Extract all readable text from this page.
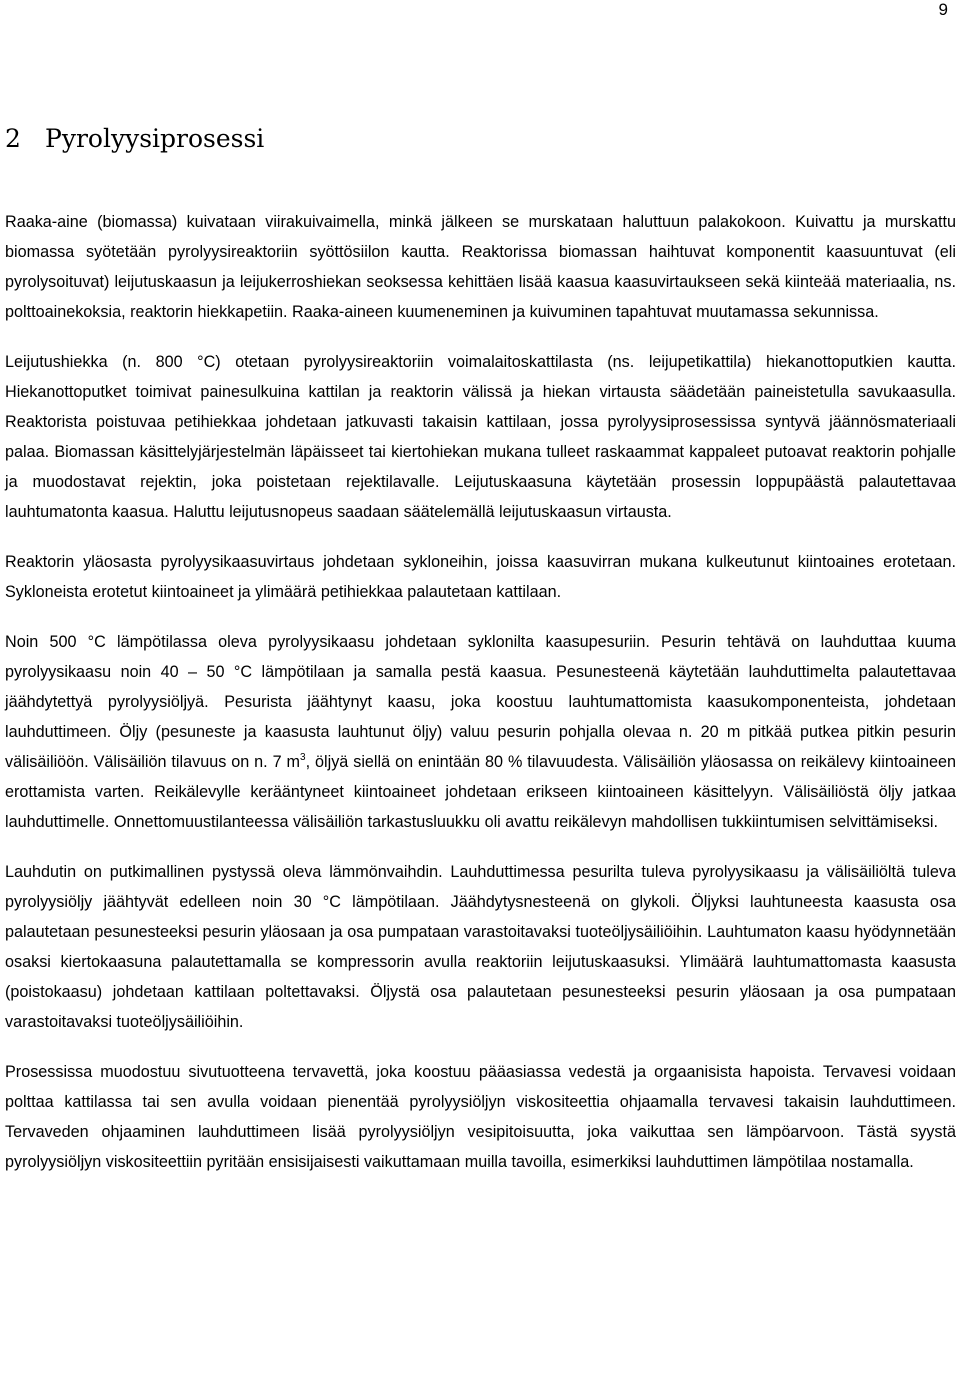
9
2 Pyrolyysiprosessi

Raaka-aine (biomassa) kuivataan viirakuivaimella, minkä jälkeen se murskataan haluttuun palakokoon. Kuivattu ja murskattu biomassa syötetään pyrolyysireaktoriin syöttösiilon kautta. Reaktorissa biomassan haihtuvat komponentit kaasuuntuvat (eli pyrolysoituvat) leijutuskaasun ja leijukerroshiekan seoksessa kehittäen lisää kaasua kaasuvirtaukseen sekä kiinteää materiaalia, ns. polttoainekoksia, reaktorin hiekkapetiin. Raaka-aineen kuumeneminen ja kuivuminen tapahtuvat muutamassa sekunnissa.

Leijutushiekka (n. 800 °C) otetaan pyrolyysireaktoriin voimalaitoskattilasta (ns. leijupetikattila) hiekanottoputkien kautta. Hiekanottoputket toimivat painesulkuina kattilan ja reaktorin välissä ja hiekan virtausta säädetään paineistetulla savukaasulla. Reaktorista poistuvaa petihiekkaa johdetaan jatkuvasti takaisin kattilaan, jossa pyrolyysiprosessissa syntyvä jäännösmateriaali palaa. Biomassan käsittelyjärjestelmän läpäisseet tai kiertohiekan mukana tulleet raskaammat kappaleet putoavat reaktorin pohjalle ja muodostavat rejektin, joka poistetaan rejektilavalle. Leijutuskaasuna käytetään prosessin loppupäästä palautettavaa lauhtumatonta kaasua. Haluttu leijutusnopeus saadaan säätelemällä leijutuskaasun virtausta.

Reaktorin yläosasta pyrolyysikaasuvirtaus johdetaan sykloneihin, joissa kaasuvirran mukana kulkeutunut kiintoaines erotetaan. Sykloneista erotetut kiintoaineet ja ylimäärä petihiekkaa palautetaan kattilaan.

Noin 500 °C lämpötilassa oleva pyrolyysikaasu johdetaan syklonilta kaasupesuriin. Pesurin tehtävä on lauhduttaa kuuma pyrolyysikaasu noin 40 – 50 °C lämpötilaan ja samalla pestä kaasua. Pesunesteenä käytetään lauhduttimelta palautettavaa jäähdytettyä pyrolyysiöljyä. Pesurista jäähtynyt kaasu, joka koostuu lauhtumattomista kaasukomponenteista, johdetaan lauhduttimeen. Öljy (pesuneste ja kaasusta lauhtunut öljy) valuu pesurin pohjalla olevaa n. 20 m pitkää putkea pitkin pesurin välisäiliöön. Välisäiliön tilavuus on n. 7 $m^3$, öljyä siellä on enintään 80 % tilavuudesta. Välisäiliön yläosassa on reikälevy kiintoaineen erottamista varten. Reikälevylle kerääntyneet kiintoaineet johdetaan erikseen kiintoaineen käsittelyyn. Välisäiliöstä öljy jatkaa lauhduttimelle. Onnettomuustilanteessa välisäiliön tarkastusluukku oli avattu reikälevyn mahdollisen tukkiintumisen selvittämiseksi.

Lauhdutin on putkimallinen pystyssä oleva lämmönvaihdin. Lauhduttimessa pesurilta tuleva pyrolyysikaasu ja välisäiliöltä tuleva pyrolyysiöljy jäähtyvät edelleen noin 30 °C lämpötilaan. Jäähdytysnesteenä on glykoli. Öljyksi lauhtuneesta kaasusta osa palautetaan pesunesteeksi pesurin yläosaan ja osa pumpataan varastoitavaksi tuoteöljysäiliöihin. Lauhtumaton kaasu hyödynnetään osaksi kiertokaasuna palautettamalla se kompressorin avulla reaktoriin leijutuskaasuksi. Ylimäärä lauhtumattomasta kaasusta (poistokaasu) johdetaan kattilaan poltettavaksi. Öljystä osa palautetaan pesunesteeksi pesurin yläosaan ja osa pumpataan varastoitavaksi tuoteöljysäiliöihin.

Prosessissa muodostuu sivutuotteena tervavettä, joka koostuu pääasiassa vedestä ja orgaanisista hapoista. Tervavesi voidaan polttaa kattilassa tai sen avulla voidaan pienentää pyrolyysiöljyn viskositeettia ohjaamalla tervavesi takaisin lauhduttimeen. Tervaveden ohjaaminen lauhduttimeen lisää pyrolyysiöljyn vesipitoisuutta, joka vaikuttaa sen lämpöarvoon. Tästä syystä pyrolyysiöljyn viskositeettiin pyritään ensisijaisesti vaikuttamaan muilla tavoilla, esimerkiksi lauhduttimen lämpötilaa nostamalla.
